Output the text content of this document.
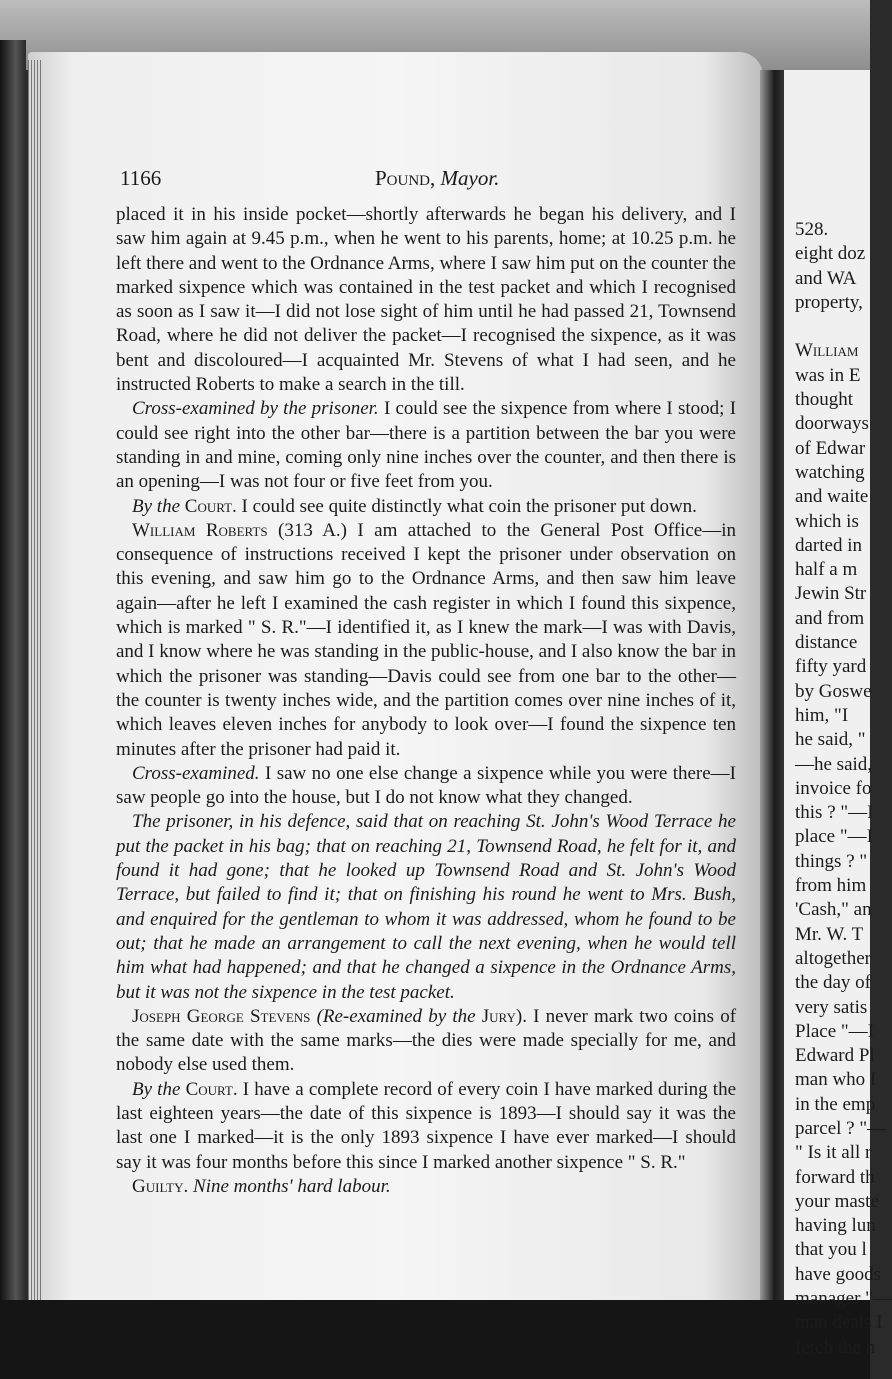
1166	Pound, Mayor.

placed it in his inside pocket—shortly afterwards he began his delivery, and I saw him again at 9.45 p.m., when he went to his parents, home; at 10.25 p.m. he left there and went to the Ordnance Arms, where I saw him put on the counter the marked sixpence which was contained in the test packet and which I recognised as soon as I saw it—I did not lose sight of him until he had passed 21, Townsend Road, where he did not deliver the packet—I recognised the sixpence, as it was bent and discoloured—I acquainted Mr. Stevens of what I had seen, and he instructed Roberts to make a search in the till.

Cross-examined by the prisoner. I could see the sixpence from where I stood; I could see right into the other bar—there is a partition between the bar you were standing in and mine, coming only nine inches over the counter, and then there is an opening—I was not four or five feet from you.

By the Court. I could see quite distinctly what coin the prisoner put down.

William Roberts (313 A.) I am attached to the General Post Office—in consequence of instructions received I kept the prisoner under observation on this evening, and saw him go to the Ordnance Arms, and then saw him leave again—after he left I examined the cash register in which I found this sixpence, which is marked " S. R."—I identified it, as I knew the mark—I was with Davis, and I know where he was standing in the public-house, and I also know the bar in which the prisoner was standing—Davis could see from one bar to the other—the counter is twenty inches wide, and the partition comes over nine inches of it, which leaves eleven inches for anybody to look over—I found the sixpence ten minutes after the prisoner had paid it.

Cross-examined. I saw no one else change a sixpence while you were there—I saw people go into the house, but I do not know what they changed.

The prisoner, in his defence, said that on reaching St. John's Wood Terrace he put the packet in his bag; that on reaching 21, Townsend Road, he felt for it, and found it had gone; that he looked up Townsend Road and St. John's Wood Terrace, but failed to find it; that on finishing his round he went to Mrs. Bush, and enquired for the gentleman to whom it was addressed, whom he found to be out; that he made an arrangement to call the next evening, when he would tell him what had happened; and that he changed a sixpence in the Ordnance Arms, but it was not the sixpence in the test packet.

Joseph George Stevens (Re-examined by the Jury). I never mark two coins of the same date with the same marks—the dies were made specially for me, and nobody else used them.

By the Court. I have a complete record of every coin I have marked during the last eighteen years—the date of this sixpence is 1893—I should say it was the last one I marked—it is the only 1893 sixpence I have ever marked—I should say it was four months before this since I marked another sixpence " S. R."

Guilty. Nine months' hard labour.

528.
eight doz
and WA
property,
William
was in E
thought
doorways
of Edwar
watching
and waite
which is
darted in
half a m
Jewin Str
and from
distance
fifty yard
by Goswe
him, "I
he said, "
—he said,
invoice fo
this ? "—I
place "—I
things ? "
from him
'Cash," an
Mr. W. T
altogether
the day of
very satis
Place "—I
Edward Pl
man who I
in the emp
parcel ? "—
" Is it all r
forward th
your maste
having lun
that you l
have goods
manager "—
man deals I
fetch the n
